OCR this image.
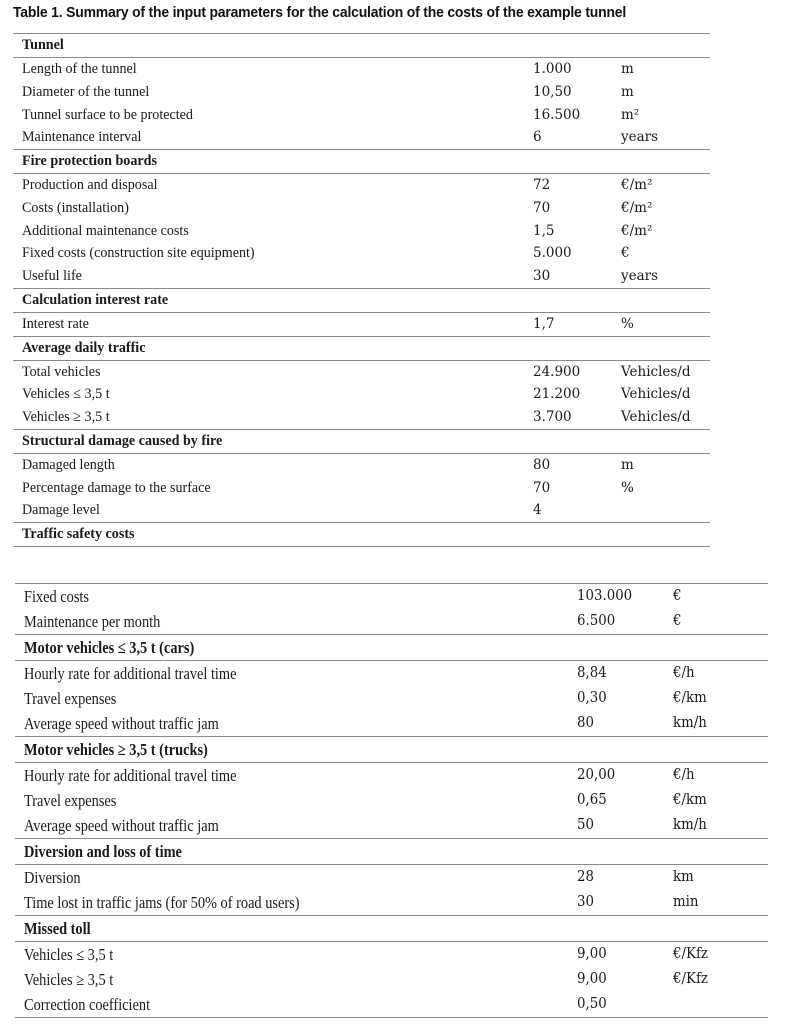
Table 1. Summary of the input parameters for the calculation of the costs of the example tunnel
Tunnel
Length of the tunnel	1.000	m
Diameter of the tunnel	10,50	m
Tunnel surface to be protected	16.500	m²
Maintenance interval	6	years
Fire protection boards
Production and disposal	72	€/m²
Costs (installation)	70	€/m²
Additional maintenance costs	1,5	€/m²
Fixed costs (construction site equipment)	5.000	€
Useful life	30	years
Calculation interest rate
Interest rate	1,7	%
Average daily traffic
Total vehicles	24.900	Vehicles/d
Vehicles ≤ 3,5 t	21.200	Vehicles/d
Vehicles ≥ 3,5 t	3.700	Vehicles/d
Structural damage caused by fire
Damaged length	80	m
Percentage damage to the surface	70	%
Damage level	4
Traffic safety costs
Fixed costs	103.000	€
Maintenance per month	6.500	€
Motor vehicles ≤ 3,5 t (cars)
Hourly rate for additional travel time	8,84	€/h
Travel expenses	0,30	€/km
Average speed without traffic jam	80	km/h
Motor vehicles ≥ 3,5 t (trucks)
Hourly rate for additional travel time	20,00	€/h
Travel expenses	0,65	€/km
Average speed without traffic jam	50	km/h
Diversion and loss of time
Diversion	28	km
Time lost in traffic jams (for 50% of road users)	30	min
Missed toll
Vehicles ≤ 3,5 t	9,00	€/Kfz
Vehicles ≥ 3,5 t	9,00	€/Kfz
Correction coefficient	0,50
